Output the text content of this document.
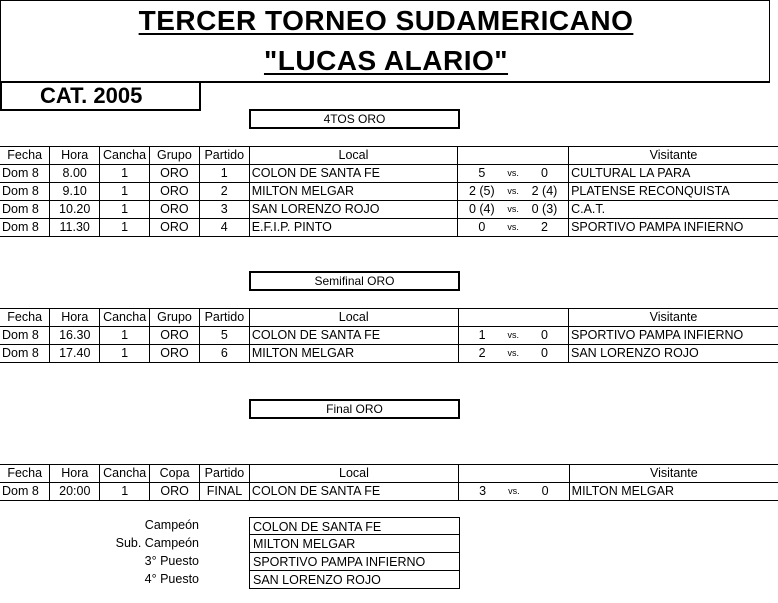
TERCER TORNEO SUDAMERICANO
"LUCAS ALARIO"
CAT. 2005
4TOS ORO
Fecha	Hora	Cancha	Grupo	Partido	Local				Visitante
Dom 8	8.00	1	ORO	1	COLON DE SANTA FE	5	vs.	0	CULTURAL LA PARA
Dom 8	9.10	1	ORO	2	MILTON MELGAR	2 (5)	vs.	2 (4)	PLATENSE RECONQUISTA
Dom 8	10.20	1	ORO	3	SAN LORENZO ROJO	0 (4)	vs.	0 (3)	C.A.T.
Dom 8	11.30	1	ORO	4	E.F.I.P. PINTO	0	vs.	2	SPORTIVO PAMPA INFIERNO
Semifinal ORO
Fecha	Hora	Cancha	Grupo	Partido	Local				Visitante
Dom 8	16.30	1	ORO	5	COLON DE SANTA FE	1	vs.	0	SPORTIVO PAMPA INFIERNO
Dom 8	17.40	1	ORO	6	MILTON MELGAR	2	vs.	0	SAN LORENZO ROJO
Final ORO
Fecha	Hora	Cancha	Copa	Partido	Local				Visitante
Dom 8	20:00	1	ORO	FINAL	COLON DE SANTA FE	3	vs.	0	MILTON MELGAR
Campeón	COLON DE SANTA FE
Sub. Campeón	MILTON MELGAR
3° Puesto	SPORTIVO PAMPA INFIERNO
4° Puesto	SAN LORENZO ROJO
